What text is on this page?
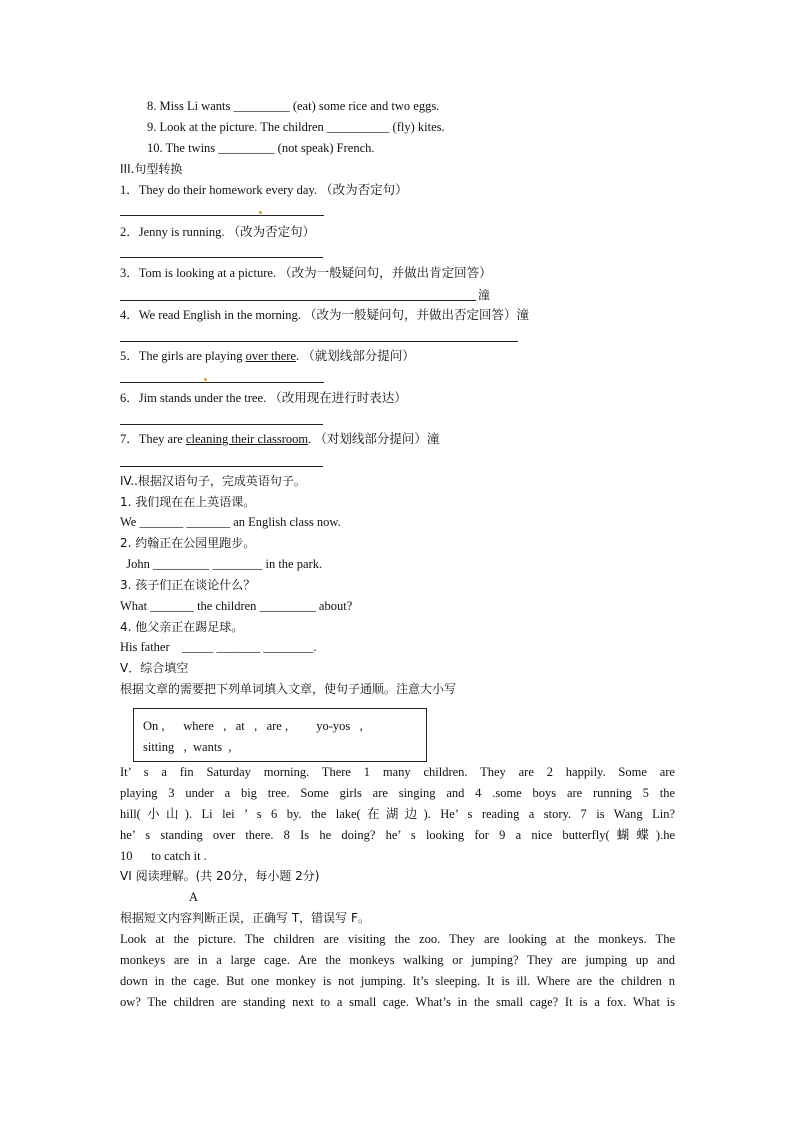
8. Miss Li wants _________ (eat) some rice and two eggs.
9. Look at the picture. The children __________ (fly) kites.
10. The twins _________ (not speak) French.
III.句型转换
1．They do their homework every day. （改为否定句）
2．Jenny is running. （改为否定句）
3．Tom is looking at a picture. （改为一般疑问句，并做出肯定回答）
潼
4．We read English in the morning. （改为一般疑问句，并做出否定回答）潼
5．The girls are playing over there. （就划线部分提问）
6．Jim stands under the tree. （改用现在进行时表达）
7．They are cleaning their classroom. （对划线部分提问）潼
IV..根据汉语句子，完成英语句子。
1. 我们现在在上英语课。
We _______ _______ an English class now.
2. 约翰正在公园里跑步。
John _________ ________ in the park.
3. 孩子们正在谈论什么？
What _______ the children _________ about?
4. 他父亲正在踢足球。
His father    _____ _______ ________.
V．综合填空
根据文章的需要把下列单词填入文章，使句子通顺。注意大小写
On ,      where   ,   at   ,   are ,         yo-yos   ,
sitting   ,  wants  ,
It’ s a fin Saturday morning. There 1 many children. They are 2 happily. Some are
playing 3 under a big tree. Some girls are singing and 4 .some boys are running 5 the
hill(小山). Li lei ’ s 6 by. the lake(在湖边). He’ s reading a story. 7 is Wang Lin?
he’ s standing over there. 8 Is he doing? he’ s looking for 9 a nice butterfly(蝴蝶).he
10      to catch it .
VI 阅读理解。(共 20分，每小题 2分)
A
根据短文内容判断正误，正确写 T，错误写 F。
Look at the picture. The children are visiting the zoo. They are looking at the monkeys. The
monkeys are in a large cage. Are the monkeys walking or jumping? They are jumping up and
down in the cage. But one monkey is not jumping. It’s sleeping. It is ill. Where are the children n
ow? The children are standing next to a small cage. What’s in the small cage? It is a fox. What is
